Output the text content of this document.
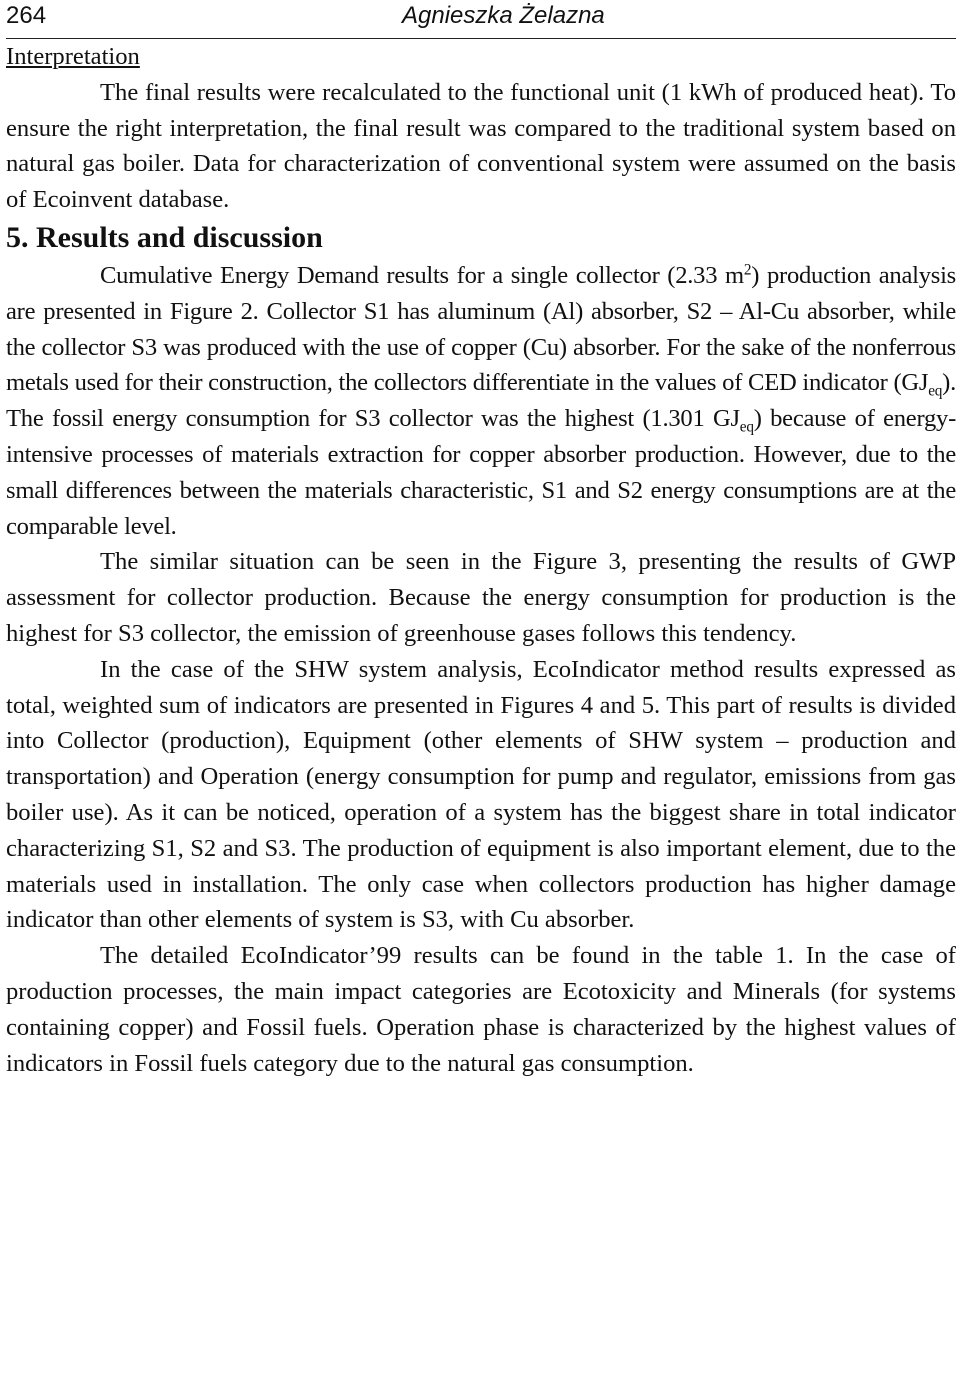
264	Agnieszka Żelazna

Interpretation

The final results were recalculated to the functional unit (1 kWh of produced heat). To ensure the right interpretation, the final result was compared to the traditional system based on natural gas boiler. Data for characterization of conventional system were assumed on the basis of Ecoinvent database.

5. Results and discussion

Cumulative Energy Demand results for a single collector (2.33 $m^2$) production analysis are presented in Figure 2. Collector S1 has aluminum (Al) absorber, S2 – Al-Cu absorber, while the collector S3 was produced with the use of copper (Cu) absorber. For the sake of the nonferrous metals used for their construction, the collectors differentiate in the values of CED indicator $(GJ_{eq})$. The fossil energy consumption for S3 collector was the highest (1.301 $GJ_{eq}$) because of energy-intensive processes of materials extraction for copper absorber production. However, due to the small differences between the materials characteristic, S1 and S2 energy consumptions are at the comparable level.

The similar situation can be seen in the Figure 3, presenting the results of GWP assessment for collector production. Because the energy consumption for production is the highest for S3 collector, the emission of greenhouse gases follows this tendency.

In the case of the SHW system analysis, EcoIndicator method results expressed as total, weighted sum of indicators are presented in Figures 4 and 5. This part of results is divided into Collector (production), Equipment (other elements of SHW system – production and transportation) and Operation (energy consumption for pump and regulator, emissions from gas boiler use). As it can be noticed, operation of a system has the biggest share in total indicator characterizing S1, S2 and S3. The production of equipment is also important element, due to the materials used in installation. The only case when collectors production has higher damage indicator than other elements of system is S3, with Cu absorber.

The detailed EcoIndicator’99 results can be found in the table 1. In the case of production processes, the main impact categories are Ecotoxicity and Minerals (for systems containing copper) and Fossil fuels. Operation phase is characterized by the highest values of indicators in Fossil fuels category due to the natural gas consumption.
